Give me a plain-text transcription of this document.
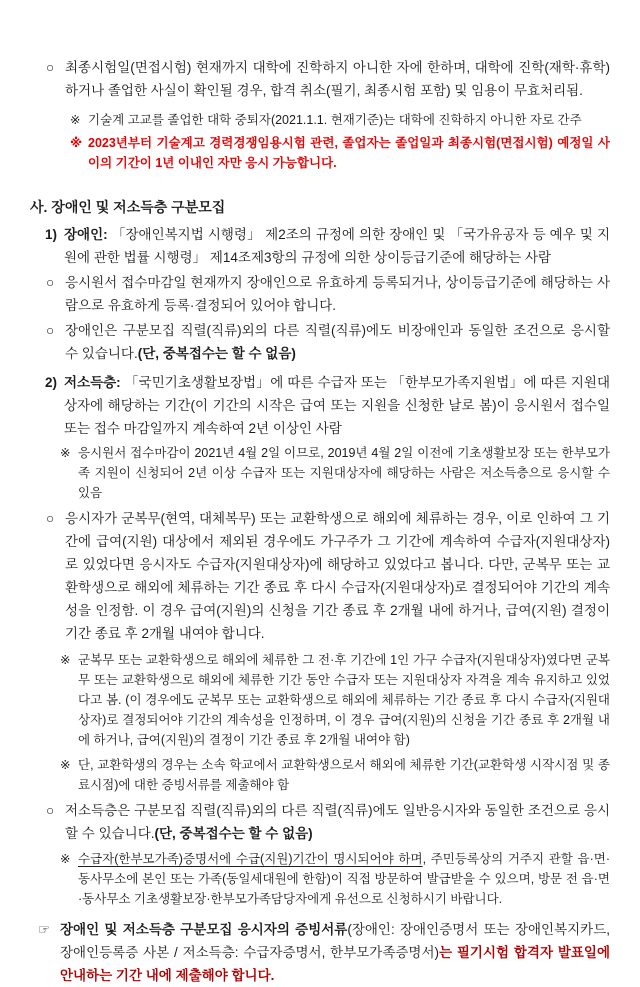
○ 최종시험일(면접시험) 현재까지 대학에 진학하지 아니한 자에 한하며, 대학에 진학(재학·휴학)하거나 졸업한 사실이 확인될 경우, 합격 취소(필기, 최종시험 포함) 및 임용이 무효처리됨.
※ 기술계 고교를 졸업한 대학 중퇴자(2021.1.1. 현재기준)는 대학에 진학하지 아니한 자로 간주
※ 2023년부터 기술계고 경력경쟁임용시험 관련, 졸업자는 졸업일과 최종시험(면접시험) 예정일 사이의 기간이 1년 이내인 자만 응시 가능합니다.
사. 장애인 및 저소득층 구분모집
1) 장애인: 「장애인복지법 시행령」 제2조의 규정에 의한 장애인 및 「국가유공자 등 예우 및 지원에 관한 법률 시행령」 제14조제3항의 규정에 의한 상이등급기준에 해당하는 사람
○ 응시원서 접수마감일 현재까지 장애인으로 유효하게 등록되거나, 상이등급기준에 해당하는 사람으로 유효하게 등록·결정되어 있어야 합니다.
○ 장애인은 구분모집 직렬(직류)외의 다른 직렬(직류)에도 비장애인과 동일한 조건으로 응시할 수 있습니다.(단, 중복접수는 할 수 없음)
2) 저소득층: 「국민기초생활보장법」에 따른 수급자 또는 「한부모가족지원법」에 따른 지원대상자에 해당하는 기간(이 기간의 시작은 급여 또는 지원을 신청한 날로 봄)이 응시원서 접수일 또는 접수 마감일까지 계속하여 2년 이상인 사람
※ 응시원서 접수마감이 2021년 4월 2일 이므로, 2019년 4월 2일 이전에 기초생활보장 또는 한부모가족 지원이 신청되어 2년 이상 수급자 또는 지원대상자에 해당하는 사람은 저소득층으로 응시할 수 있음
○ 응시자가 군복무(현역, 대체복무) 또는 교환학생으로 해외에 체류하는 경우, 이로 인하여 그 기간에 급여(지원) 대상에서 제외된 경우에도 가구주가 그 기간에 계속하여 수급자(지원대상자)로 있었다면 응시자도 수급자(지원대상자)에 해당하고 있었다고 봅니다. 다만, 군복무 또는 교환학생으로 해외에 체류하는 기간 종료 후 다시 수급자(지원대상자)로 결정되어야 기간의 계속성을 인정함. 이 경우 급여(지원)의 신청을 기간 종료 후 2개월 내에 하거나, 급여(지원) 결정이 기간 종료 후 2개월 내여야 합니다.
※ 군복무 또는 교환학생으로 해외에 체류한 그 전·후 기간에 1인 가구 수급자(지원대상자)였다면 군복무 또는 교환학생으로 해외에 체류한 기간 동안 수급자 또는 지원대상자 자격을 계속 유지하고 있었다고 봄. (이 경우에도 군복무 또는 교환학생으로 해외에 체류하는 기간 종료 후 다시 수급자(지원대상자)로 결정되어야 기간의 계속성을 인정하며, 이 경우 급여(지원)의 신청을 기간 종료 후 2개월 내에 하거나, 급여(지원)의 결정이 기간 종료 후 2개월 내여야 함)
※ 단, 교환학생의 경우는 소속 학교에서 교환학생으로서 해외에 체류한 기간(교환학생 시작시점 및 종료시점)에 대한 증빙서류를 제출해야 함
○ 저소득층은 구분모집 직렬(직류)외의 다른 직렬(직류)에도 일반응시자와 동일한 조건으로 응시할 수 있습니다.(단, 중복접수는 할 수 없음)
※ 수급자(한부모가족)증명서에 수급(지원)기간이 명시되어야 하며, 주민등록상의 거주지 관할 읍·면·동사무소에 본인 또는 가족(동일세대원에 한함)이 직접 방문하여 발급받을 수 있으며, 방문 전 읍·면·동사무소 기초생활보장·한부모가족담당자에게 유선으로 신청하시기 바랍니다.
☞ 장애인 및 저소득층 구분모집 응시자의 증빙서류(장애인: 장애인증명서 또는 장애인복지카드, 장애인등록증 사본 / 저소득층: 수급자증명서, 한부모가족증명서)는 필기시험 합격자 발표일에 안내하는 기간 내에 제출해야 합니다.
